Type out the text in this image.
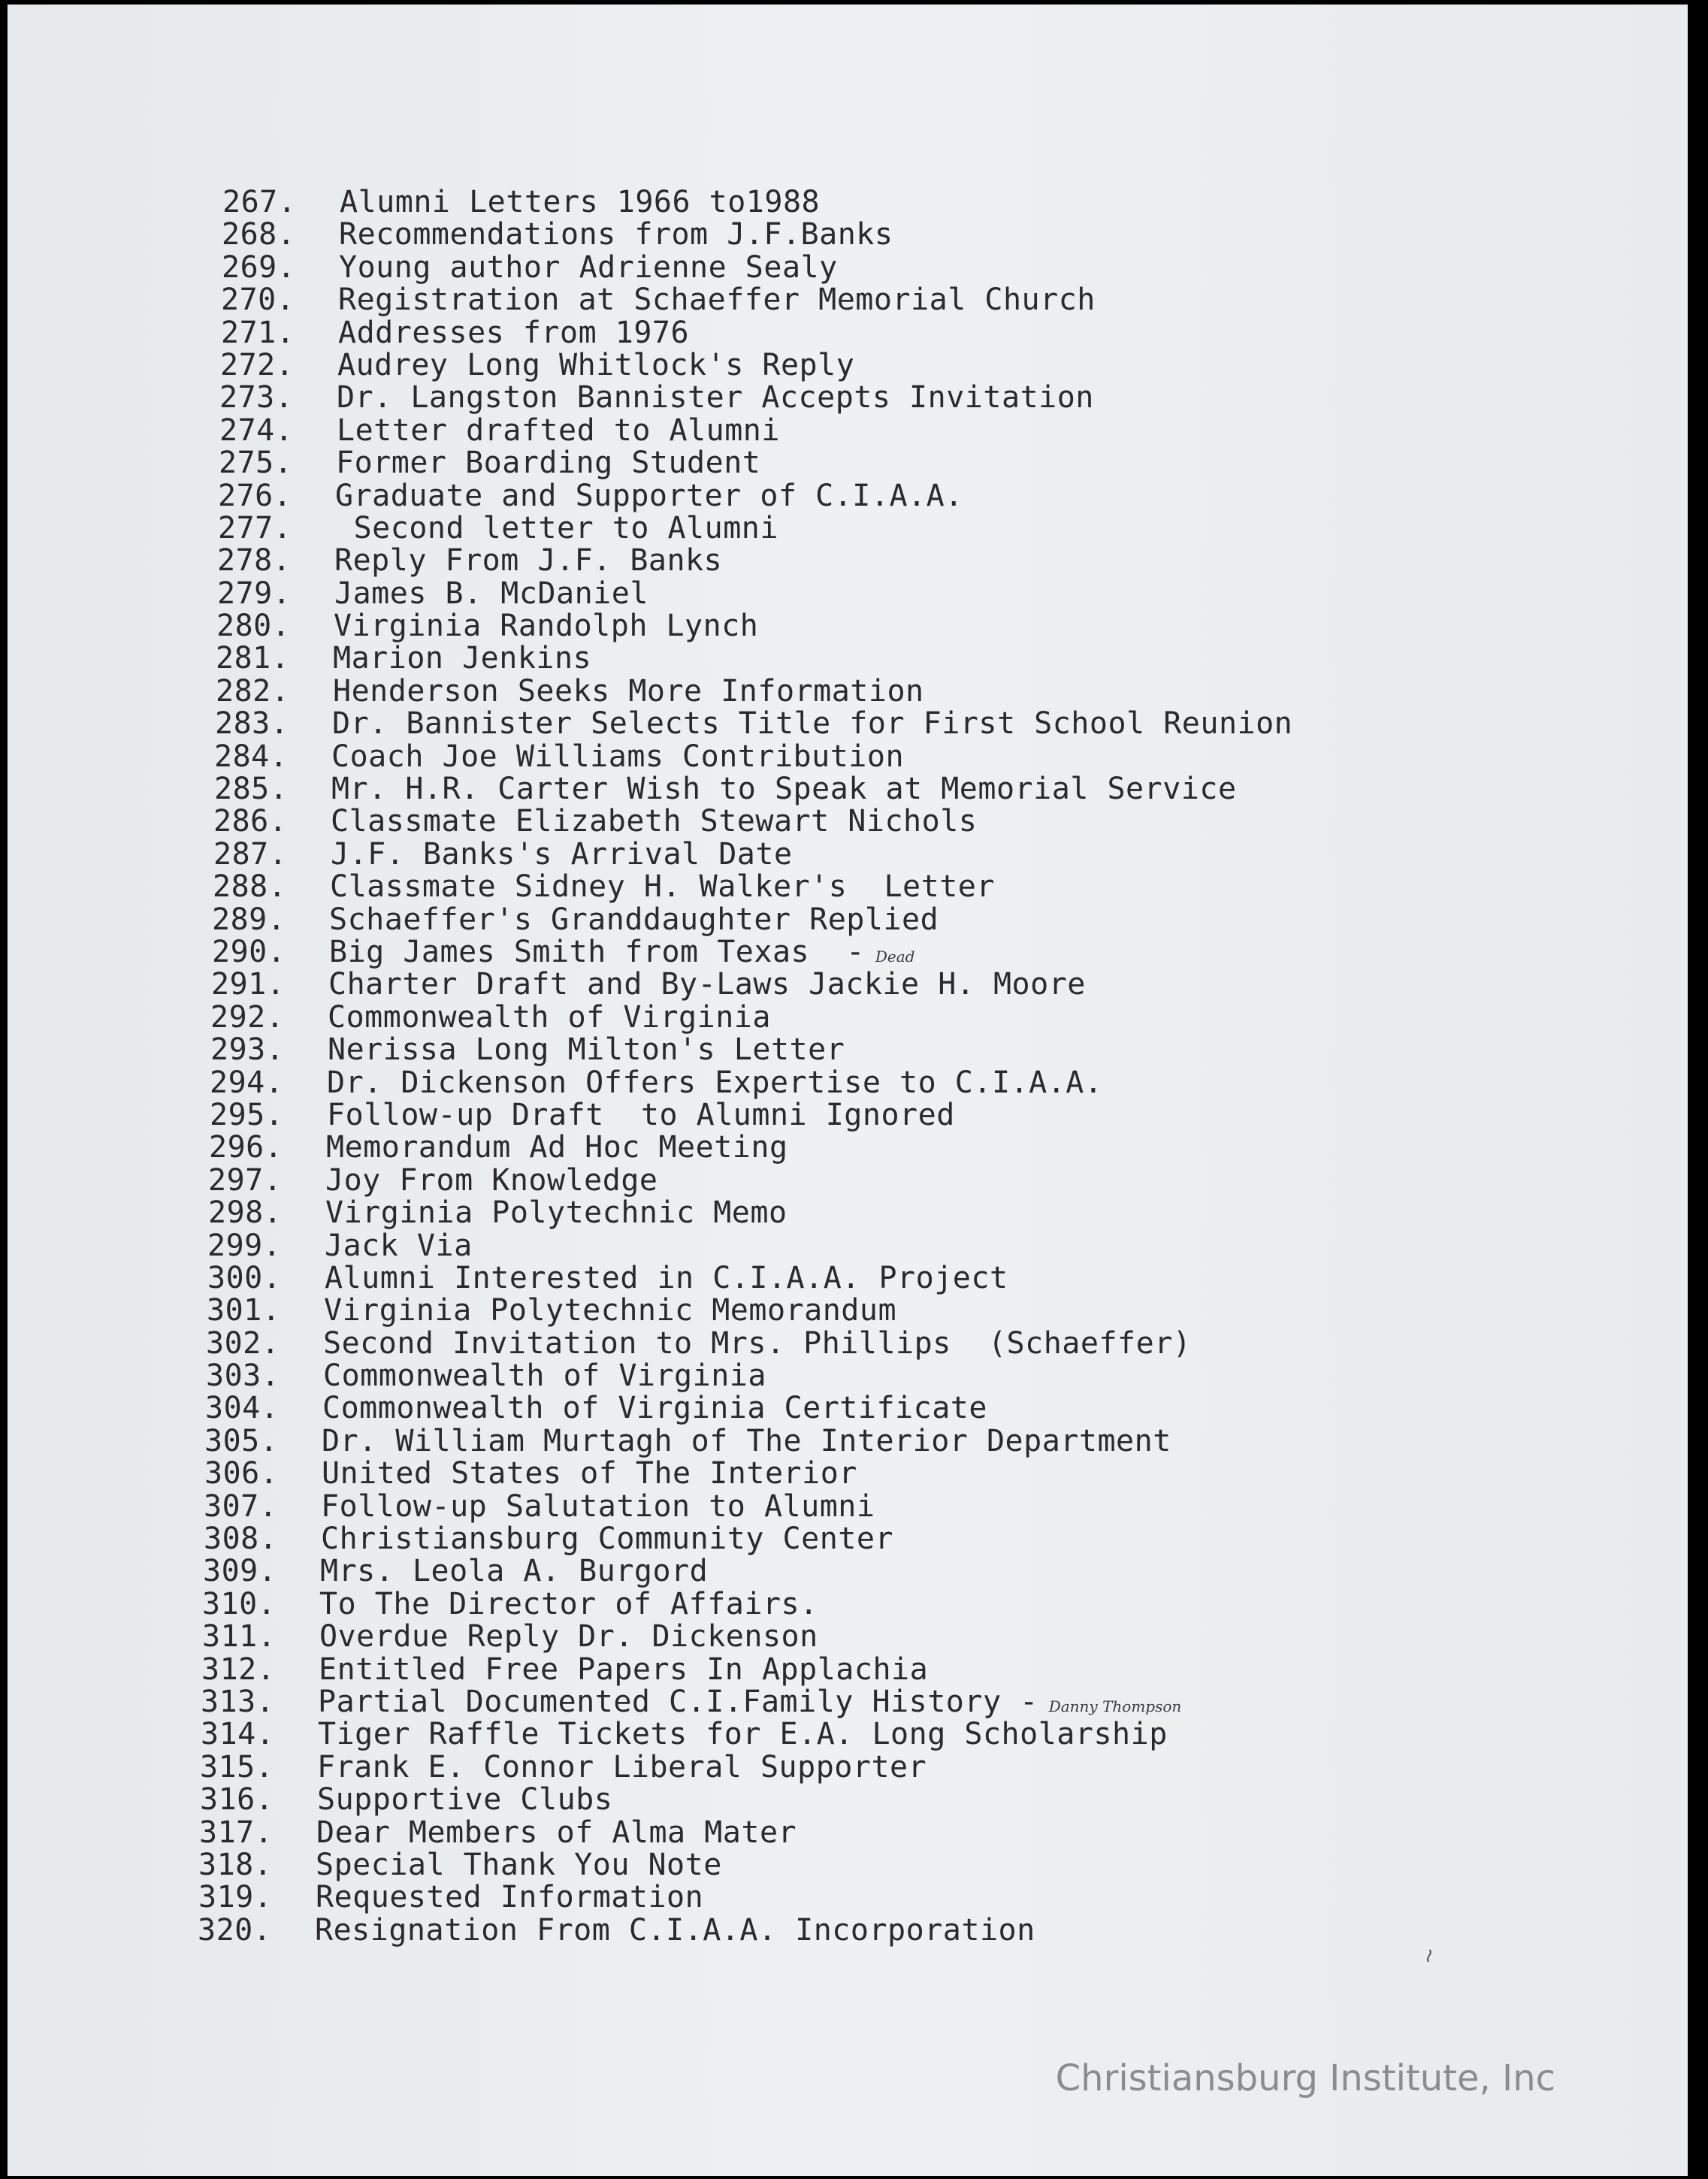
267. Alumni Letters 1966 to1988
268. Recommendations from J.F.Banks
269. Young author Adrienne Sealy
270. Registration at Schaeffer Memorial Church
271. Addresses from 1976
272. Audrey Long Whitlock's Reply
273. Dr. Langston Bannister Accepts Invitation
274. Letter drafted to Alumni
275. Former Boarding Student
276. Graduate and Supporter of C.I.A.A.
277. Second letter to Alumni
278. Reply From J.F. Banks
279. James B. McDaniel
280. Virginia Randolph Lynch
281. Marion Jenkins
282. Henderson Seeks More Information
283. Dr. Bannister Selects Title for First School Reunion
284. Coach Joe Williams Contribution
285. Mr. H.R. Carter Wish to Speak at Memorial Service
286. Classmate Elizabeth Stewart Nichols
287. J.F. Banks's Arrival Date
288. Classmate Sidney H. Walker's  Letter
289. Schaeffer's Granddaughter Replied
290. Big James Smith from Texas  - Dead
291. Charter Draft and By-Laws Jackie H. Moore
292. Commonwealth of Virginia
293. Nerissa Long Milton's Letter
294. Dr. Dickenson Offers Expertise to C.I.A.A.
295. Follow-up Draft  to Alumni Ignored
296. Memorandum Ad Hoc Meeting
297. Joy From Knowledge
298. Virginia Polytechnic Memo
299. Jack Via
300. Alumni Interested in C.I.A.A. Project
301. Virginia Polytechnic Memorandum
302. Second Invitation to Mrs. Phillips  (Schaeffer)
303. Commonwealth of Virginia
304. Commonwealth of Virginia Certificate
305. Dr. William Murtagh of The Interior Department
306. United States of The Interior
307. Follow-up Salutation to Alumni
308. Christiansburg Community Center
309. Mrs. Leola A. Burgord
310. To The Director of Affairs.
311. Overdue Reply Dr. Dickenson
312. Entitled Free Papers In Applachia
313. Partial Documented C.I.Family History - Danny Thompson
314. Tiger Raffle Tickets for E.A. Long Scholarship
315. Frank E. Connor Liberal Supporter
316. Supportive Clubs
317. Dear Members of Alma Mater
318. Special Thank You Note
319. Requested Information
320. Resignation From C.I.A.A. Incorporation
≀
Christiansburg Institute, Inc
